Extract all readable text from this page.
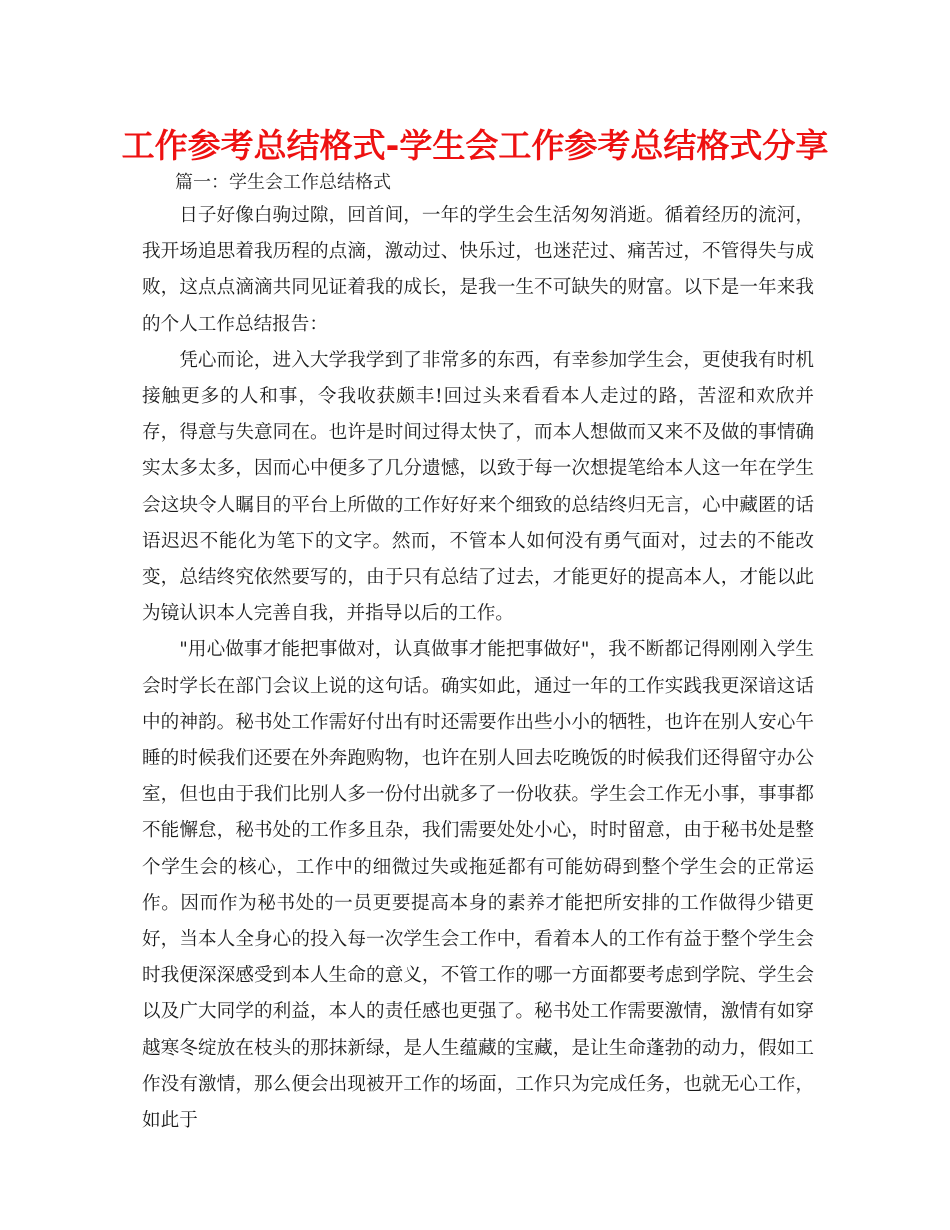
工作参考总结格式-学生会工作参考总结格式分享
篇一：学生会工作总结格式

日子好像白驹过隙，回首间，一年的学生会生活匆匆消逝。循着经历的流河，我开场追思着我历程的点滴，激动过、快乐过，也迷茫过、痛苦过，不管得失与成败，这点点滴滴共同见证着我的成长，是我一生不可缺失的财富。以下是一年来我的个人工作总结报告：

凭心而论，进入大学我学到了非常多的东西，有幸参加学生会，更使我有时机接触更多的人和事，令我收获颇丰!回过头来看看本人走过的路，苦涩和欢欣并存，得意与失意同在。也许是时间过得太快了，而本人想做而又来不及做的事情确实太多太多，因而心中便多了几分遗憾，以致于每一次想提笔给本人这一年在学生会这块令人瞩目的平台上所做的工作好好来个细致的总结终归无言，心中藏匿的话语迟迟不能化为笔下的文字。然而，不管本人如何没有勇气面对，过去的不能改变，总结终究依然要写的，由于只有总结了过去，才能更好的提高本人，才能以此为镜认识本人完善自我，并指导以后的工作。

"用心做事才能把事做对，认真做事才能把事做好"，我不断都记得刚刚入学生会时学长在部门会议上说的这句话。确实如此，通过一年的工作实践我更深谙这话中的神韵。秘书处工作需好付出有时还需要作出些小小的牺牲，也许在别人安心午睡的时候我们还要在外奔跑购物，也许在别人回去吃晚饭的时候我们还得留守办公室，但也由于我们比别人多一份付出就多了一份收获。学生会工作无小事，事事都不能懈怠，秘书处的工作多且杂，我们需要处处小心，时时留意，由于秘书处是整个学生会的核心，工作中的细微过失或拖延都有可能妨碍到整个学生会的正常运作。因而作为秘书处的一员更要提高本身的素养才能把所安排的工作做得少错更好，当本人全身心的投入每一次学生会工作中，看着本人的工作有益于整个学生会时我便深深感受到本人生命的意义，不管工作的哪一方面都要考虑到学院、学生会以及广大同学的利益，本人的责任感也更强了。秘书处工作需要激情，激情有如穿越寒冬绽放在枝头的那抹新绿，是人生蕴藏的宝藏，是让生命蓬勃的动力，假如工作没有激情，那么便会出现被开工作的场面，工作只为完成任务，也就无心工作，如此于
